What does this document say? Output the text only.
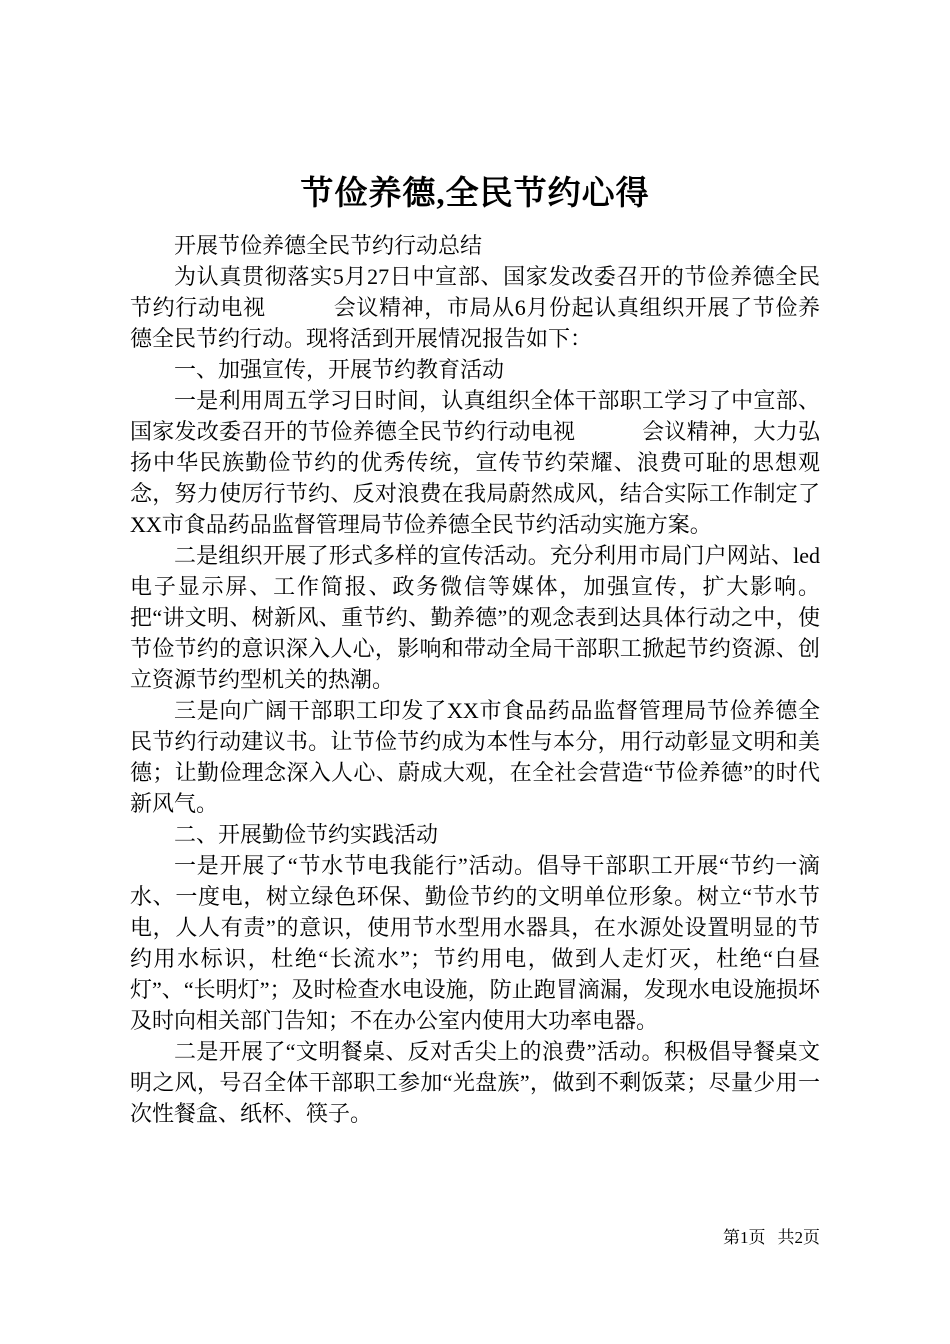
节俭养德,全民节约心得

开展节俭养德全民节约行动总结

为认真贯彻落实5月27日中宣部、国家发改委召开的节俭养德全民节约行动电视　　　会议精神，市局从6月份起认真组织开展了节俭养德全民节约行动。现将活到开展情况报告如下：

一、加强宣传，开展节约教育活动

一是利用周五学习日时间，认真组织全体干部职工学习了中宣部、国家发改委召开的节俭养德全民节约行动电视　　　会议精神，大力弘扬中华民族勤俭节约的优秀传统，宣传节约荣耀、浪费可耻的思想观念，努力使厉行节约、反对浪费在我局蔚然成风，结合实际工作制定了XX市食品药品监督管理局节俭养德全民节约活动实施方案。

二是组织开展了形式多样的宣传活动。充分利用市局门户网站、led电子显示屏、工作简报、政务微信等媒体，加强宣传，扩大影响。把“讲文明、树新风、重节约、勤养德”的观念表到达具体行动之中，使节俭节约的意识深入人心，影响和带动全局干部职工掀起节约资源、创立资源节约型机关的热潮。

三是向广阔干部职工印发了XX市食品药品监督管理局节俭养德全民节约行动建议书。让节俭节约成为本性与本分，用行动彰显文明和美德；让勤俭理念深入人心、蔚成大观，在全社会营造“节俭养德”的时代新风气。

二、开展勤俭节约实践活动

一是开展了“节水节电我能行”活动。倡导干部职工开展“节约一滴水、一度电，树立绿色环保、勤俭节约的文明单位形象。树立“节水节电，人人有责”的意识，使用节水型用水器具，在水源处设置明显的节约用水标识，杜绝“长流水”；节约用电，做到人走灯灭，杜绝“白昼灯”、“长明灯”；及时检查水电设施，防止跑冒滴漏，发现水电设施损坏及时向相关部门告知；不在办公室内使用大功率电器。

二是开展了“文明餐桌、反对舌尖上的浪费”活动。积极倡导餐桌文明之风，号召全体干部职工参加“光盘族”，做到不剩饭菜；尽量少用一次性餐盒、纸杯、筷子。

第1页 共2页
